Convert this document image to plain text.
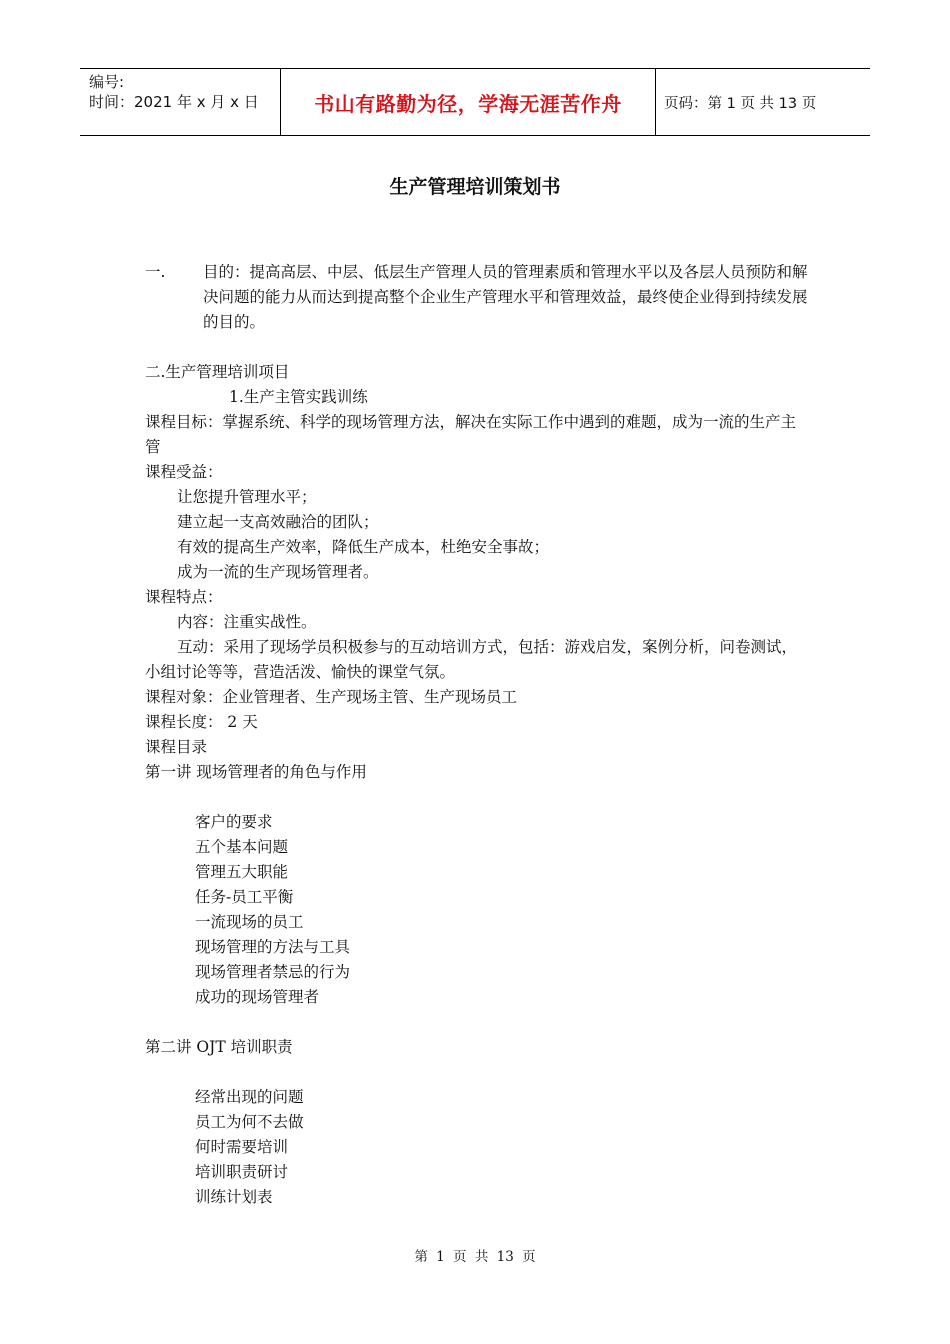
编号:
时间：2021 年 x 月 x 日	书山有路勤为径，学海无涯苦作舟	页码：第 1 页 共 13 页
生产管理培训策划书
一.	目的：提高高层、中层、低层生产管理人员的管理素质和管理水平以及各层人员预防和解决问题的能力从而达到提高整个企业生产管理水平和管理效益，最终使企业得到持续发展的目的。
二.生产管理培训项目
1.生产主管实践训练
课程目标：掌握系统、科学的现场管理方法，解决在实际工作中遇到的难题，成为一流的生产主管
课程受益：
让您提升管理水平；
建立起一支高效融洽的团队；
有效的提高生产效率，降低生产成本，杜绝安全事故；
成为一流的生产现场管理者。
课程特点：
内容：注重实战性。
互动：采用了现场学员积极参与的互动培训方式，包括：游戏启发，案例分析，问卷测试，小组讨论等等，营造活泼、愉快的课堂气氛。
课程对象：企业管理者、生产现场主管、生产现场员工
课程长度： 2 天
课程目录
第一讲 现场管理者的角色与作用
客户的要求
五个基本问题
管理五大职能
任务-员工平衡
一流现场的员工
现场管理的方法与工具
现场管理者禁忌的行为
成功的现场管理者
第二讲 OJT 培训职责
经常出现的问题
员工为何不去做
何时需要培训
培训职责研讨
训练计划表
第 1 页 共 13 页
